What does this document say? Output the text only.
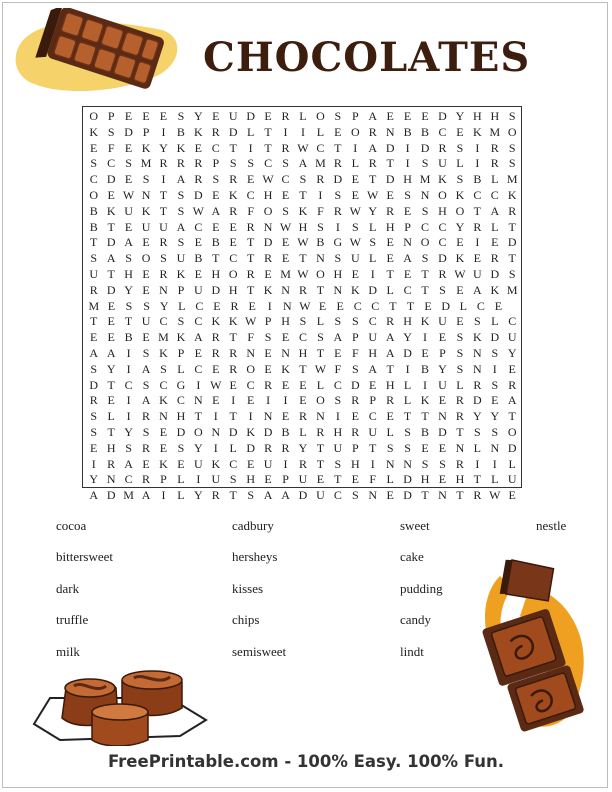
CHOCOLATES
O P E E E S Y E U D E R L O S P A E E E D Y H H S
K S D P	I B K R D L T I	I L E O R N B B C E K M O
E F E K Y K E C T I T R W C T I A D I D R S	I R S
S C S M R R R P S S C S A M R L R T I	S U L I R S
C D E S	I A R S R E W C S R D E T D H M K S B L M
O E W N T S D E K C H E T I	S E W E S N O K C C K
B K U K T S W A R F O S K F R W Y R E S H O T A R
B T E U U A C E E R N W H S	I	S L H P C C Y R L T
T D A E R S E B E T D E W B G W S E N O C E I E D
S A S O S U B T C T R E T N S U L E A S D K E R T
U T H E R K E H O R E M W O H E I T E T R W U D S
R D Y E N P U D H T K N R T N K D L C T S E A K M
M E S S Y L C E R E I N W E E C C T T E D L C E
T E T U C S C K K W P H S L S S C R H K U E S L C
E E B E M K A R T F S E C S A P U A Y I E S K D U
A A I	S K P E R R N E N H T E F H A D E P S N S Y
S Y I A S L C E R O E K T W F S A T I B Y S N I E
D T C S C G I W E C R E E L C D E H L I U L R S R
R E I A K C N E I E I	I E O S R P R L K E R D E A
S L I R N H T I T I N E R N I E C E T T N R Y Y T
S T Y S E D O N D K D B L R H R U L S B D T S S O
E H S R E S Y I L D R R Y T U P T S S E E N L N D
I R A E K E U K C E U I R T S H I N N S S R I	I L
Y N C R P L I U S H E P U E T E F L D H E H T L U
A D M A I L Y R T S A A D U C S N E D T N T R W E
cocoa	cadbury	sweet	nestle
bittersweet	hersheys	cake
dark	kisses	pudding
truffle	chips	candy
milk	semisweet	lindt
FreePrintable.com - 100% Easy. 100% Fun.
